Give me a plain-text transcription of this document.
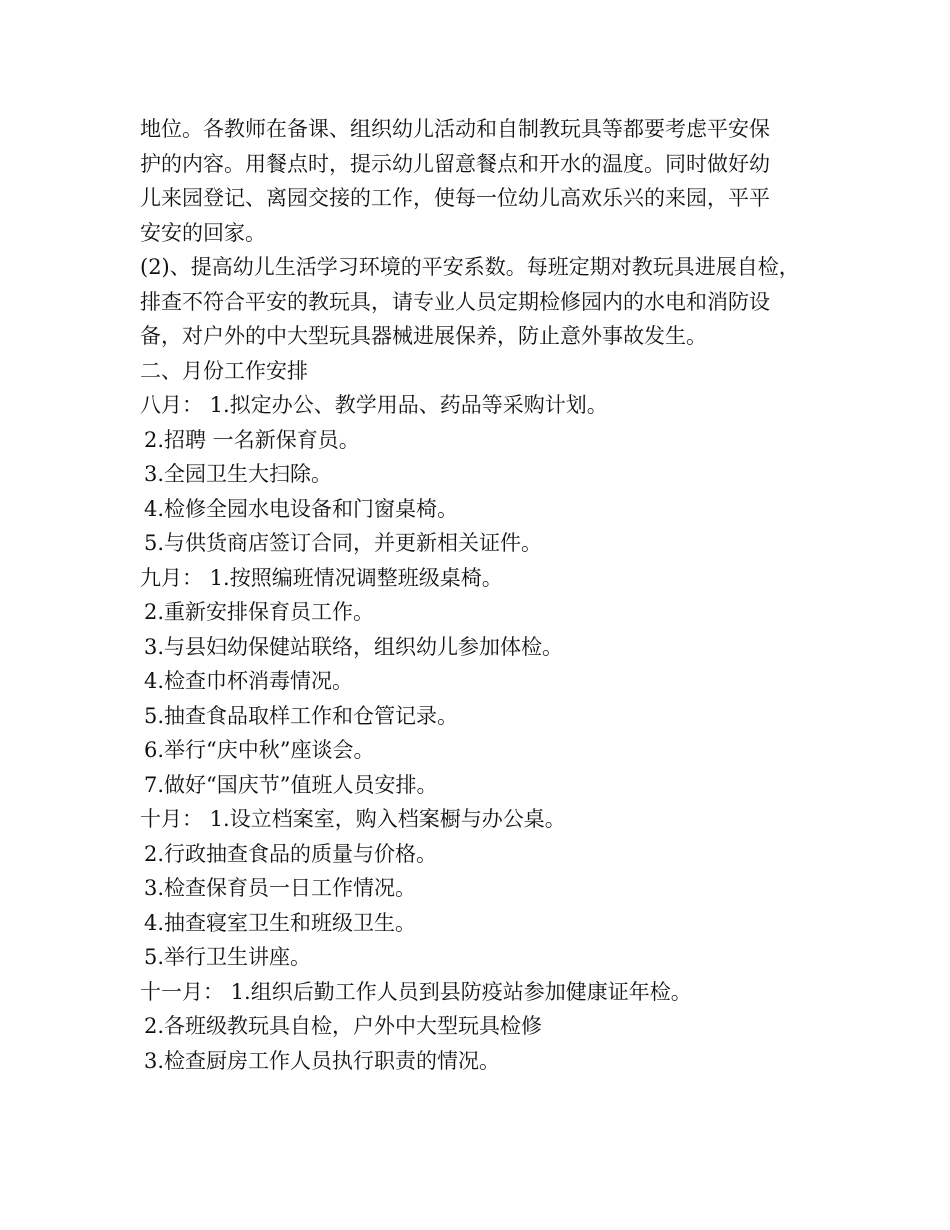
地位。各教师在备课、组织幼儿活动和自制教玩具等都要考虑平安保
护的内容。用餐点时，提示幼儿留意餐点和开水的温度。同时做好幼
儿来园登记、离园交接的工作，使每一位幼儿高欢乐兴的来园，平平
安安的回家。
(2)、提高幼儿生活学习环境的平安系数。每班定期对教玩具进展自检，
排查不符合平安的教玩具，请专业人员定期检修园内的水电和消防设
备，对户外的中大型玩具器械进展保养，防止意外事故发生。
二、月份工作安排
八月： 1.拟定办公、教学用品、药品等采购计划。
2.招聘 一名新保育员。
3.全园卫生大扫除。
4.检修全园水电设备和门窗桌椅。
5.与供货商店签订合同，并更新相关证件。
九月： 1.按照编班情况调整班级桌椅。
2.重新安排保育员工作。
3.与县妇幼保健站联络，组织幼儿参加体检。
4.检查巾杯消毒情况。
5.抽查食品取样工作和仓管记录。
6.举行“庆中秋”座谈会。
7.做好“国庆节”值班人员安排。
十月： 1.设立档案室，购入档案橱与办公桌。
2.行政抽查食品的质量与价格。
3.检查保育员一日工作情况。
4.抽查寝室卫生和班级卫生。
5.举行卫生讲座。
十一月： 1.组织后勤工作人员到县防疫站参加健康证年检。
2.各班级教玩具自检，户外中大型玩具检修
3.检查厨房工作人员执行职责的情况。
